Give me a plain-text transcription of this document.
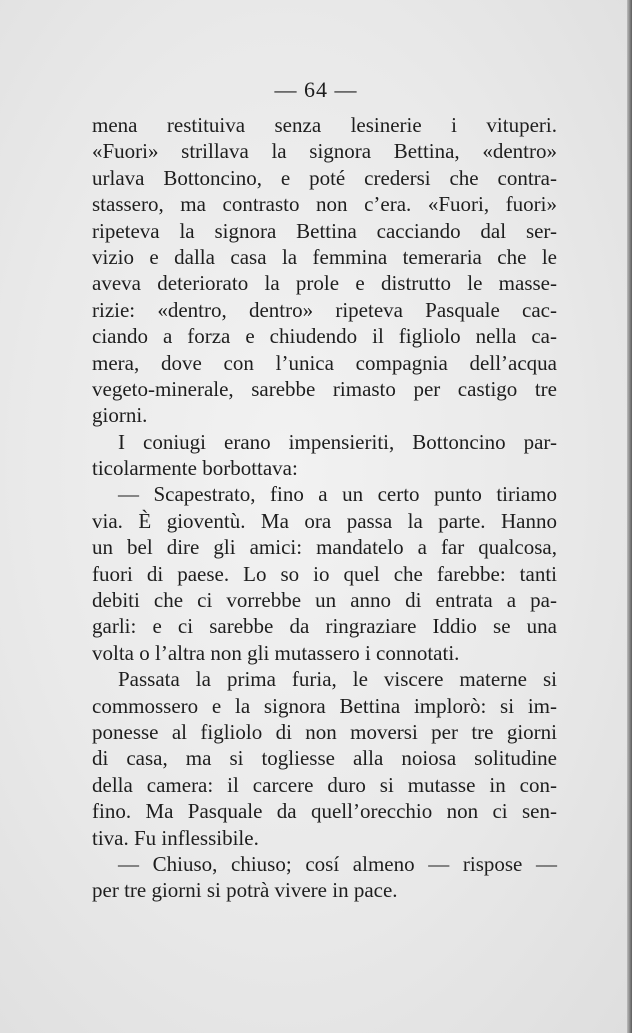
— 64 —
mena restituiva senza lesinerie i vituperi.
«Fuori» strillava la signora Bettina, «dentro»
urlava Bottoncino, e poté credersi che contra-
stassero, ma contrasto non c’era. «Fuori, fuori»
ripeteva la signora Bettina cacciando dal ser-
vizio e dalla casa la femmina temeraria che le
aveva deteriorato la prole e distrutto le masse-
rizie: «dentro, dentro» ripeteva Pasquale cac-
ciando a forza e chiudendo il figliolo nella ca-
mera, dove con l’unica compagnia dell’acqua
vegeto-minerale, sarebbe rimasto per castigo tre
giorni.
I coniugi erano impensieriti, Bottoncino par-
ticolarmente borbottava:
— Scapestrato, fino a un certo punto tiriamo
via. È gioventù. Ma ora passa la parte. Hanno
un bel dire gli amici: mandatelo a far qualcosa,
fuori di paese. Lo so io quel che farebbe: tanti
debiti che ci vorrebbe un anno di entrata a pa-
garli: e ci sarebbe da ringraziare Iddio se una
volta o l’altra non gli mutassero i connotati.
Passata la prima furia, le viscere materne si
commossero e la signora Bettina implorò: si im-
ponesse al figliolo di non moversi per tre giorni
di casa, ma si togliesse alla noiosa solitudine
della camera: il carcere duro si mutasse in con-
fino. Ma Pasquale da quell’orecchio non ci sen-
tiva. Fu inflessibile.
— Chiuso, chiuso; cosí almeno — rispose —
per tre giorni si potrà vivere in pace.
